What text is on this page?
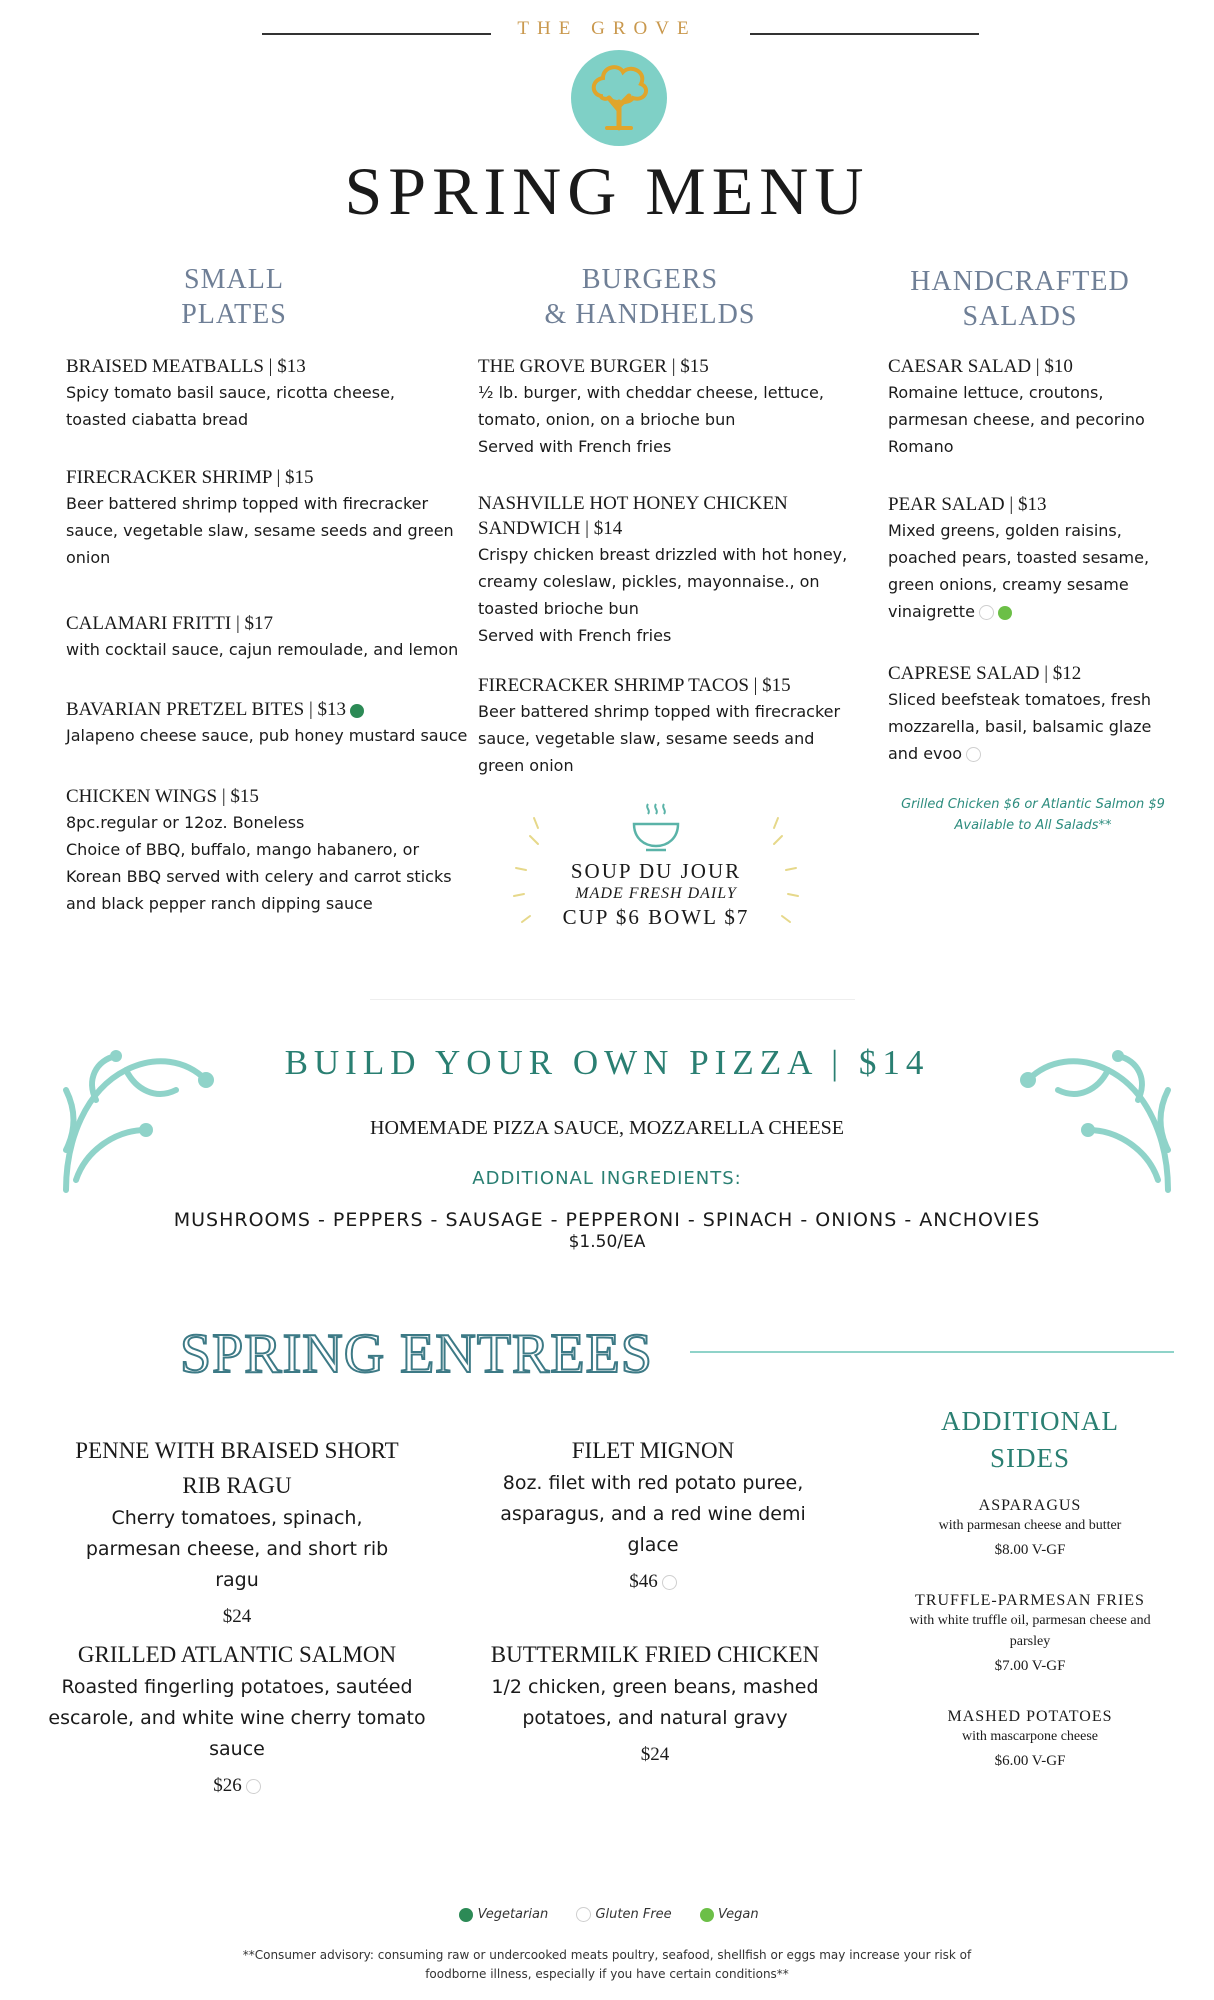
THE GROVE
SPRING MENU
SMALL
PLATES
BRAISED MEATBALLS | $13
Spicy tomato basil sauce, ricotta cheese, toasted ciabatta bread
FIRECRACKER SHRIMP | $15
Beer battered shrimp topped with firecracker sauce, vegetable slaw, sesame seeds and green onion
CALAMARI FRITTI | $17
with cocktail sauce, cajun remoulade, and lemon
BAVARIAN PRETZEL BITES | $13
Jalapeno cheese sauce, pub honey mustard sauce
CHICKEN WINGS | $15
8pc.regular or 12oz. Boneless
Choice of BBQ, buffalo, mango habanero, or Korean BBQ served with celery and carrot sticks and black pepper ranch dipping sauce
BURGERS
& HANDHELDS
THE GROVE BURGER | $15
½ lb. burger, with cheddar cheese, lettuce, tomato, onion, on a brioche bun
Served with French fries
NASHVILLE HOT HONEY CHICKEN SANDWICH | $14
Crispy chicken breast drizzled with hot honey, creamy coleslaw, pickles, mayonnaise., on toasted brioche bun
Served with French fries
FIRECRACKER SHRIMP TACOS | $15
Beer battered shrimp topped with firecracker sauce, vegetable slaw, sesame seeds and green onion
SOUP DU JOUR
MADE FRESH DAILY
CUP $6 BOWL $7
HANDCRAFTED
SALADS
CAESAR SALAD | $10
Romaine lettuce, croutons, parmesan cheese, and pecorino Romano
PEAR SALAD | $13
Mixed greens, golden raisins, poached pears, toasted sesame, green onions, creamy sesame vinaigrette
CAPRESE SALAD | $12
Sliced beefsteak tomatoes, fresh mozzarella, basil, balsamic glaze and evoo
Grilled Chicken $6 or Atlantic Salmon $9
Available to All Salads**
BUILD YOUR OWN PIZZA | $14
HOMEMADE PIZZA SAUCE, MOZZARELLA CHEESE
ADDITIONAL INGREDIENTS:
MUSHROOMS - PEPPERS - SAUSAGE - PEPPERONI - SPINACH - ONIONS - ANCHOVIES
$1.50/EA
SPRING ENTREES
PENNE WITH BRAISED SHORT RIB RAGU
Cherry tomatoes, spinach, parmesan cheese, and short rib ragu
$24
FILET MIGNON
8oz. filet with red potato puree, asparagus, and a red wine demi glace
$46
GRILLED ATLANTIC SALMON
Roasted fingerling potatoes, sautéed escarole, and white wine cherry tomato sauce
$26
BUTTERMILK FRIED CHICKEN
1/2 chicken, green beans, mashed potatoes, and natural gravy
$24
ADDITIONAL
SIDES
ASPARAGUS
with parmesan cheese and butter
$8.00 V-GF
TRUFFLE-PARMESAN FRIES
with white truffle oil, parmesan cheese and parsley
$7.00 V-GF
MASHED POTATOES
with mascarpone cheese
$6.00 V-GF
Vegetarian	Gluten Free	Vegan
**Consumer advisory: consuming raw or undercooked meats poultry, seafood, shellfish or eggs may increase your risk of
foodborne illness, especially if you have certain conditions**
